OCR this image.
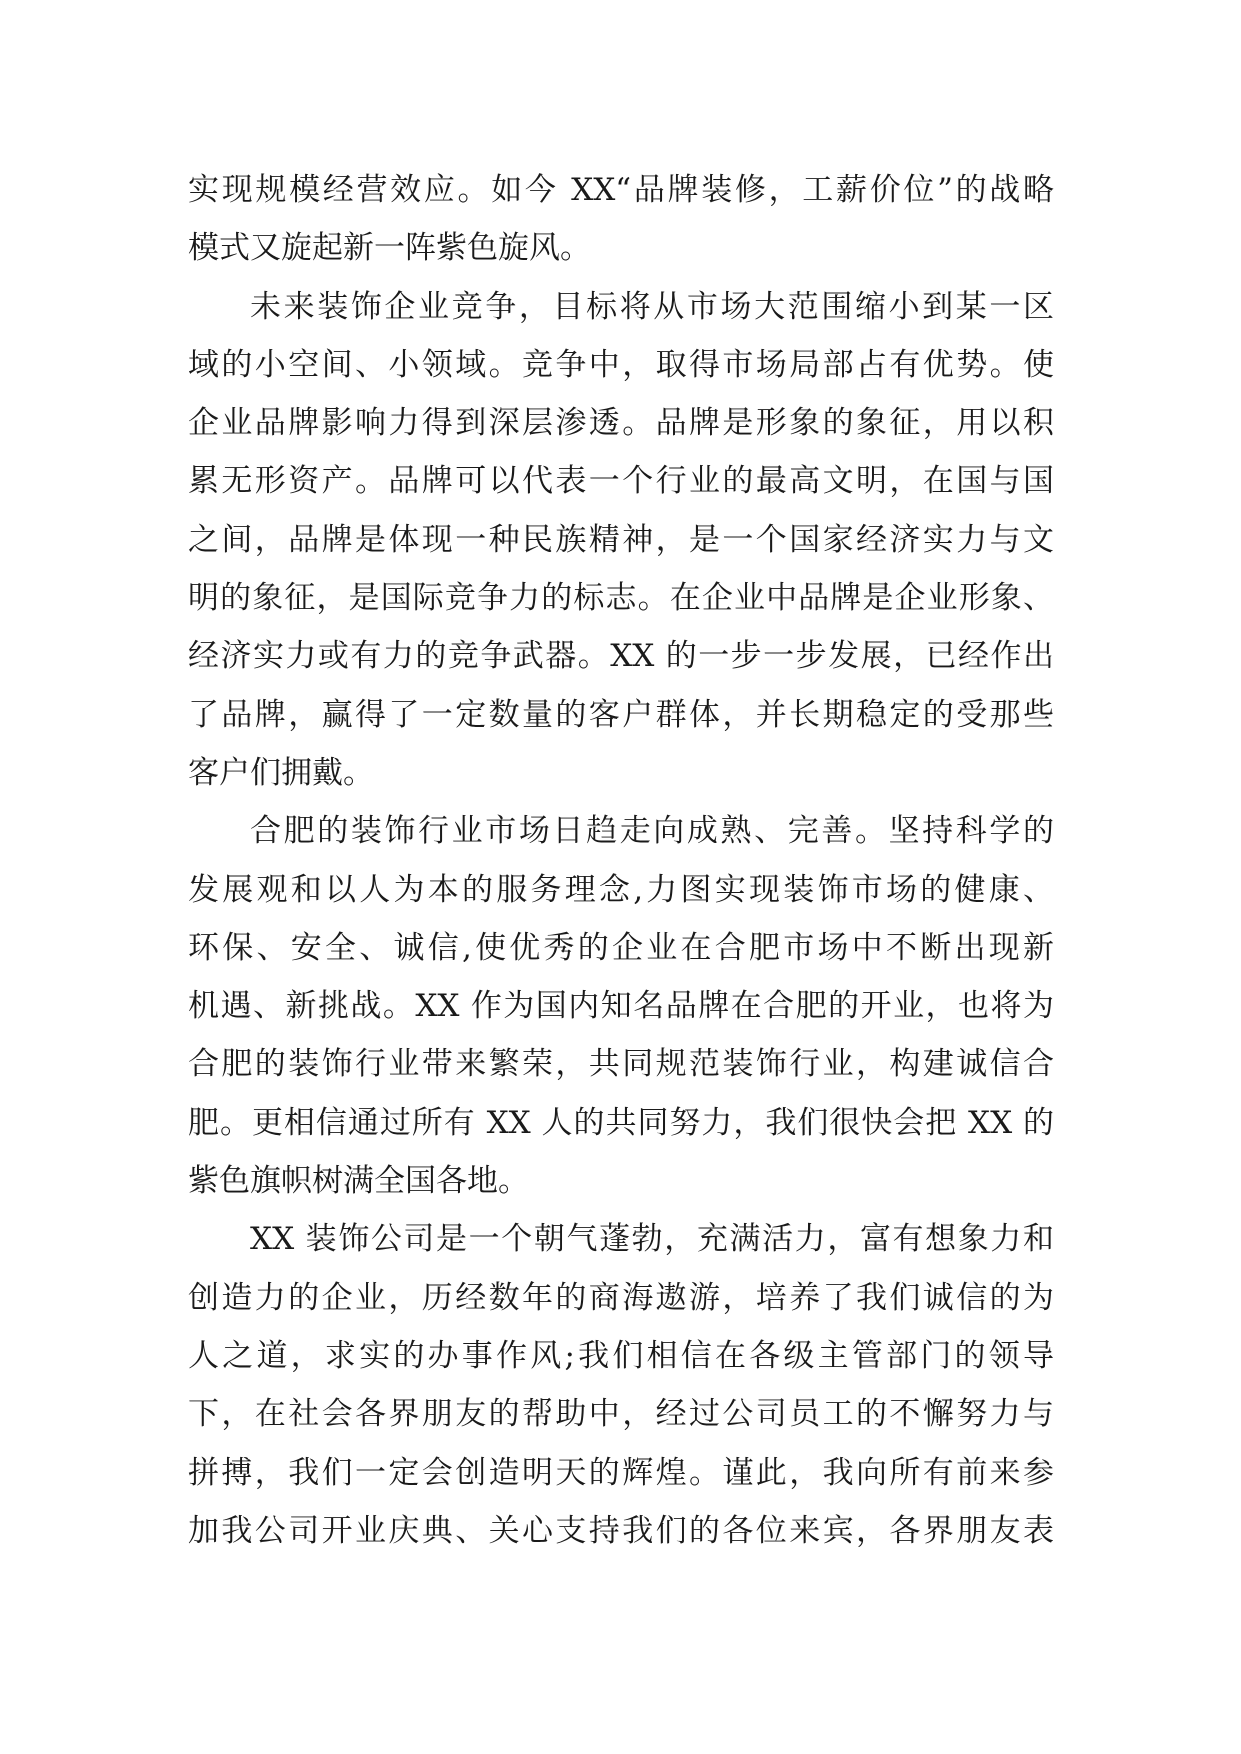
实现规模经营效应。如今 XX“品牌装修，工薪价位”的战略
模式又旋起新一阵紫色旋风。
未来装饰企业竞争，目标将从市场大范围缩小到某一区
域的小空间、小领域。竞争中，取得市场局部占有优势。使
企业品牌影响力得到深层渗透。品牌是形象的象征，用以积
累无形资产。品牌可以代表一个行业的最高文明，在国与国
之间，品牌是体现一种民族精神，是一个国家经济实力与文
明的象征，是国际竞争力的标志。在企业中品牌是企业形象、
经济实力或有力的竞争武器。XX 的一步一步发展，已经作出
了品牌，赢得了一定数量的客户群体，并长期稳定的受那些
客户们拥戴。
合肥的装饰行业市场日趋走向成熟、完善。坚持科学的
发展观和以人为本的服务理念,力图实现装饰市场的健康、
环保、安全、诚信,使优秀的企业在合肥市场中不断出现新
机遇、新挑战。XX 作为国内知名品牌在合肥的开业，也将为
合肥的装饰行业带来繁荣，共同规范装饰行业，构建诚信合
肥。更相信通过所有 XX 人的共同努力，我们很快会把 XX 的
紫色旗帜树满全国各地。
XX 装饰公司是一个朝气蓬勃，充满活力，富有想象力和
创造力的企业，历经数年的商海遨游，培养了我们诚信的为
人之道，求实的办事作风;我们相信在各级主管部门的领导
下，在社会各界朋友的帮助中，经过公司员工的不懈努力与
拼搏，我们一定会创造明天的辉煌。谨此，我向所有前来参
加我公司开业庆典、关心支持我们的各位来宾，各界朋友表
